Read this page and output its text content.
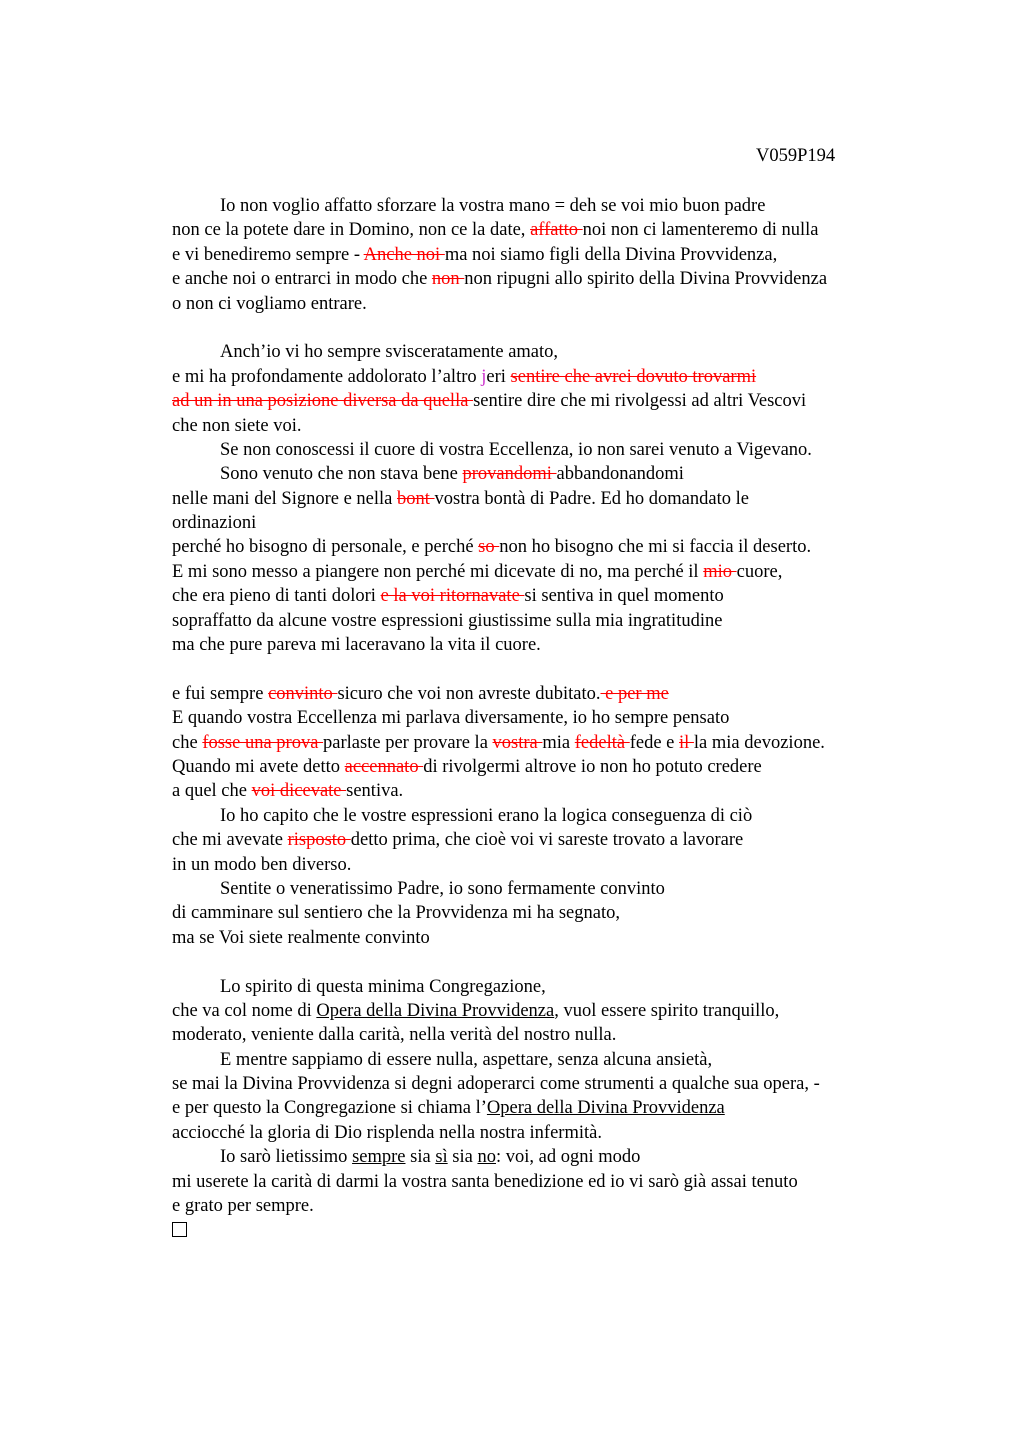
V059P194
Io non voglio affatto sforzare la vostra mano = deh se voi mio buon padre
non ce la potete dare in Domino, non ce la date, affatto noi non ci lamenteremo di nulla
e vi benediremo sempre - Anche noi ma noi siamo figli della Divina Provvidenza,
e anche noi o entrarci in modo che non non ripugni allo spirito della Divina Provvidenza
o non ci vogliamo entrare.
Anch’io vi ho sempre svisceratamente amato,
e mi ha profondamente addolorato l’altro jeri sentire che avrei dovuto trovarmi
ad un in una posizione diversa da quella sentire dire che mi rivolgessi ad altri Vescovi
che non siete voi.
Se non conoscessi il cuore di vostra Eccellenza, io non sarei venuto a Vigevano.
Sono venuto che non stava bene provandomi abbandonandomi
nelle mani del Signore e nella bont vostra bontà di Padre. Ed ho domandato le
ordinazioni
perché ho bisogno di personale, e perché so non ho bisogno che mi si faccia il deserto.
E mi sono messo a piangere non perché mi dicevate di no, ma perché il mio cuore,
che era pieno di tanti dolori e la voi ritornavate si sentiva in quel momento
sopraffatto da alcune vostre espressioni giustissime sulla mia ingratitudine
ma che pure pareva mi laceravano la vita il cuore.
e fui sempre convinto sicuro che voi non avreste dubitato. e per me
E quando vostra Eccellenza mi parlava diversamente, io ho sempre pensato
che fosse una prova parlaste per provare la vostra mia fedeltà fede e il la mia devozione.
Quando mi avete detto accennato di rivolgermi altrove io non ho potuto credere
a quel che voi dicevate sentiva.
Io ho capito che le vostre espressioni erano la logica conseguenza di ciò
che mi avevate risposto detto prima, che cioè voi vi sareste trovato a lavorare
in un modo ben diverso.
Sentite o veneratissimo Padre, io sono fermamente convinto
di camminare sul sentiero che la Provvidenza mi ha segnato,
ma se Voi siete realmente convinto
Lo spirito di questa minima Congregazione,
che va col nome di Opera della Divina Provvidenza, vuol essere spirito tranquillo,
moderato, veniente dalla carità, nella verità del nostro nulla.
E mentre sappiamo di essere nulla, aspettare, senza alcuna ansietà,
se mai la Divina Provvidenza si degni adoperarci come strumenti a qualche sua opera, -
e per questo la Congregazione si chiama l’Opera della Divina Provvidenza
acciocché la gloria di Dio risplenda nella nostra infermità.
Io sarò lietissimo sempre sia sì sia no: voi, ad ogni modo
mi userete la carità di darmi la vostra santa benedizione ed io vi sarò già assai tenuto
e grato per sempre.
